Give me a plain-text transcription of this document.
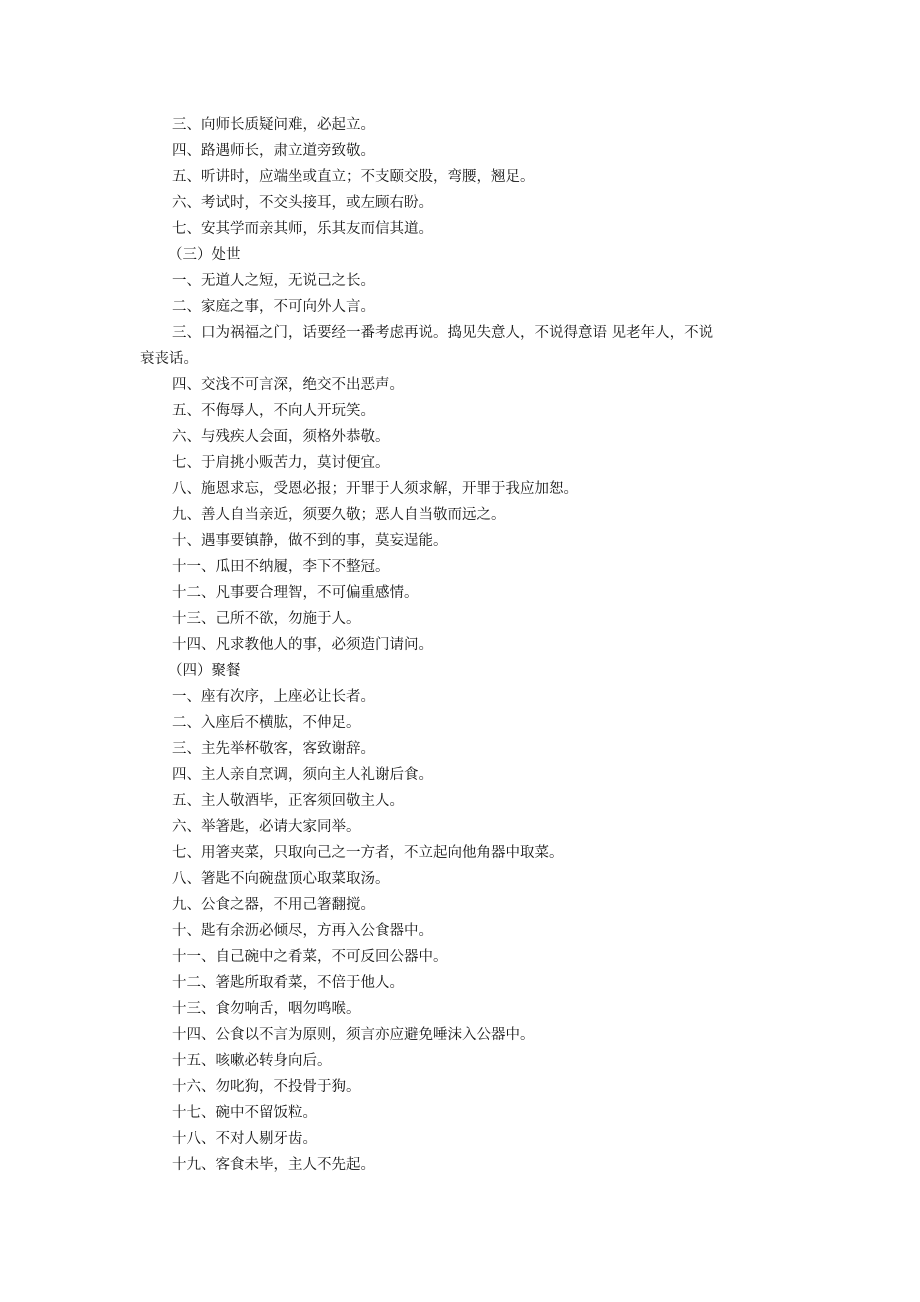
三、向师长质疑问难，必起立。
四、路遇师长，肃立道旁致敬。
五、听讲时，应端坐或直立；不支颐交股，弯腰，翘足。
六、考试时，不交头接耳，或左顾右盼。
七、安其学而亲其师，乐其友而信其道。
（三）处世
一、无道人之短，无说己之长。
二、家庭之事，不可向外人言。
三、口为祸福之门，话要经一番考虑再说。捣见失意人，不说得意语 见老年人，不说
衰丧话。
四、交浅不可言深，绝交不出恶声。
五、不侮辱人，不向人开玩笑。
六、与残疾人会面，须格外恭敬。
七、于肩挑小贩苦力，莫讨便宜。
八、施恩求忘，受恩必报；开罪于人须求解，开罪于我应加恕。
九、善人自当亲近，须要久敬；恶人自当敬而远之。
十、遇事要镇静，做不到的事，莫妄逞能。
十一、瓜田不纳履，李下不整冠。
十二、凡事要合理智，不可偏重感情。
十三、己所不欲，勿施于人。
十四、凡求教他人的事，必须造门请问。
（四）聚餐
一、座有次序，上座必让长者。
二、入座后不横肱，不伸足。
三、主先举杯敬客，客致谢辞。
四、主人亲自烹调，须向主人礼谢后食。
五、主人敬酒毕，正客须回敬主人。
六、举箸匙，必请大家同举。
七、用箸夹菜，只取向己之一方者，不立起向他角器中取菜。
八、箸匙不向碗盘顶心取菜取汤。
九、公食之器，不用己箸翻搅。
十、匙有余沥必倾尽，方再入公食器中。
十一、自己碗中之肴菜，不可反回公器中。
十二、箸匙所取肴菜，不倍于他人。
十三、食勿响舌，咽勿鸣喉。
十四、公食以不言为原则，须言亦应避免唾沫入公器中。
十五、咳嗽必转身向后。
十六、勿叱狗，不投骨于狗。
十七、碗中不留饭粒。
十八、不对人剔牙齿。
十九、客食未毕，主人不先起。
